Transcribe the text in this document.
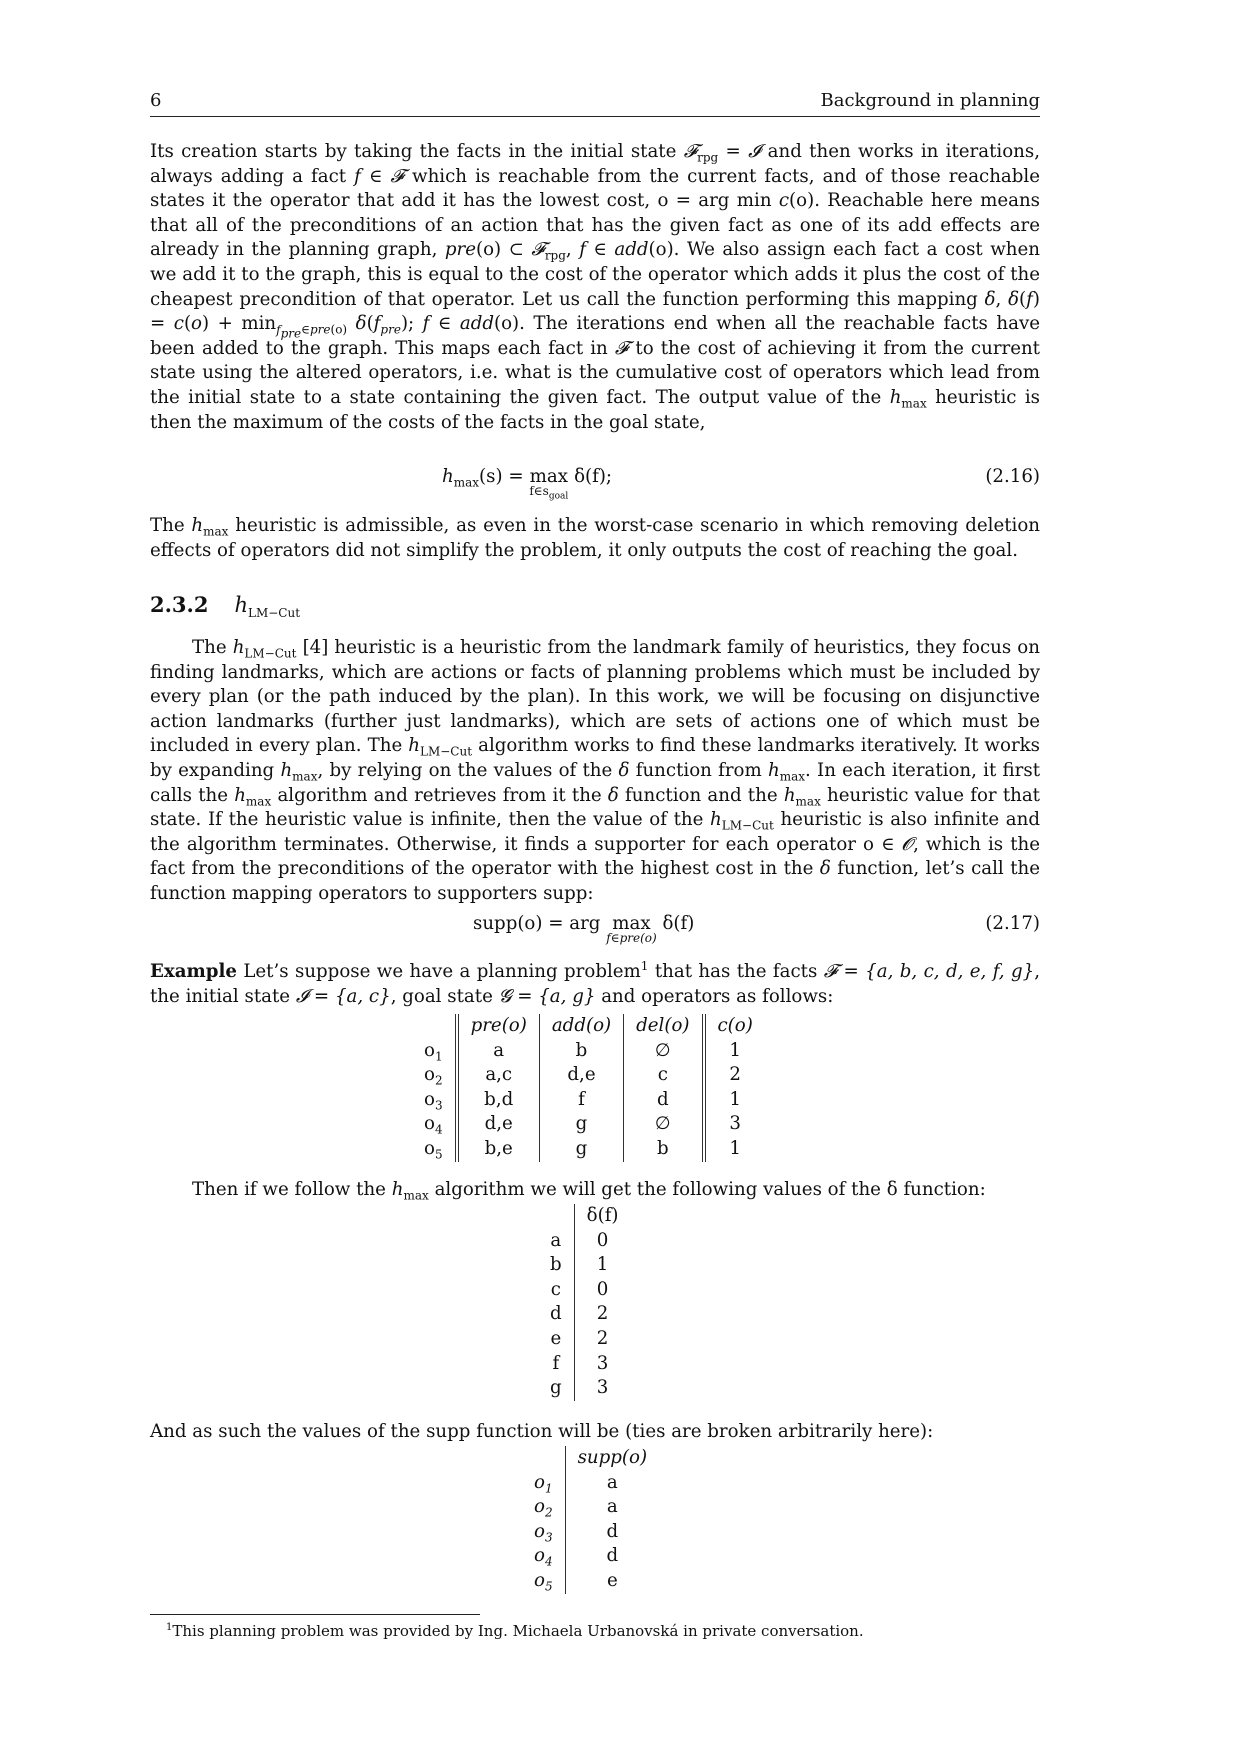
6	Background in planning

Its creation starts by taking the facts in the initial state 𝓕$_{rpg}$ = 𝓘 and then works in iterations, always adding a fact f ∈ 𝓕 which is reachable from the current facts, and of those reachable states it the operator that add it has the lowest cost, o = arg min c(o). Reachable here means that all of the preconditions of an action that has the given fact as one of its add effects are already in the planning graph, pre(o) ⊂ 𝓕$_{rpg}$, f ∈ add(o). We also assign each fact a cost when we add it to the graph, this is equal to the cost of the operator which adds it plus the cost of the cheapest precondition of that operator. Let us call the function performing this mapping δ, $\delta(f) = c(o) + \min_{f_{pre}\in pre(o)} \delta(f_{pre})$; f ∈ add(o). The iterations end when all the reachable facts have been added to the graph. This maps each fact in 𝓕 to the cost of achieving it from the current state using the altered operators, i.e. what is the cumulative cost of operators which lead from the initial state to a state containing the given fact. The output value of the $h_{max}$ heuristic is then the maximum of the costs of the facts in the goal state,

$h_{max}(s) = \max$
$f\in s_{goal}$
δ(f);	(2.16)

The $h_{max}$ heuristic is admissible, as even in the worst-case scenario in which removing deletion effects of operators did not simplify the problem, it only outputs the cost of reaching the goal.

2.3.2 $h_{LM-Cut}$

The $h_{LM-Cut}$ [4] heuristic is a heuristic from the landmark family of heuristics, they focus on finding landmarks, which are actions or facts of planning problems which must be included by every plan (or the path induced by the plan). In this work, we will be focusing on disjunctive action landmarks (further just landmarks), which are sets of actions one of which must be included in every plan. The $h_{LM-Cut}$ algorithm works to find these landmarks iteratively. It works by expanding $h_{max}$, by relying on the values of the δ function from $h_{max}$. In each iteration, it first calls the $h_{max}$ algorithm and retrieves from it the δ function and the $h_{max}$ heuristic value for that state. If the heuristic value is infinite, then the value of the $h_{LM-Cut}$ heuristic is also infinite and the algorithm terminates. Otherwise, it finds a supporter for each operator o ∈ 𝓞, which is the fact from the preconditions of the operator with the highest cost in the δ function, let’s call the function mapping operators to supporters supp:

supp(o) = arg max
f∈pre(o)
δ(f)	(2.17)

Example Let’s suppose we have a planning problem$^1$ that has the facts 𝓕 = {a, b, c, d, e, f, g}, the initial state 𝓘 = {a, c}, goal state 𝓖 = {a, g} and operators as follows:

	pre(o)	add(o)	del(o)	c(o)
$o_1$	a	b	∅	1
$o_2$	a,c	d,e	c	2
$o_3$	b,d	f	d	1
$o_4$	d,e	g	∅	3
$o_5$	b,e	g	b	1

Then if we follow the $h_{max}$ algorithm we will get the following values of the δ function:

	δ(f)
a	0
b	1
c	0
d	2
e	2
f	3
g	3

And as such the values of the supp function will be (ties are broken arbitrarily here):

	supp(o)
$o_1$	a
$o_2$	a
$o_3$	d
$o_4$	d
$o_5$	e
$^1$This planning problem was provided by Ing. Michaela Urbanovská in private conversation.
